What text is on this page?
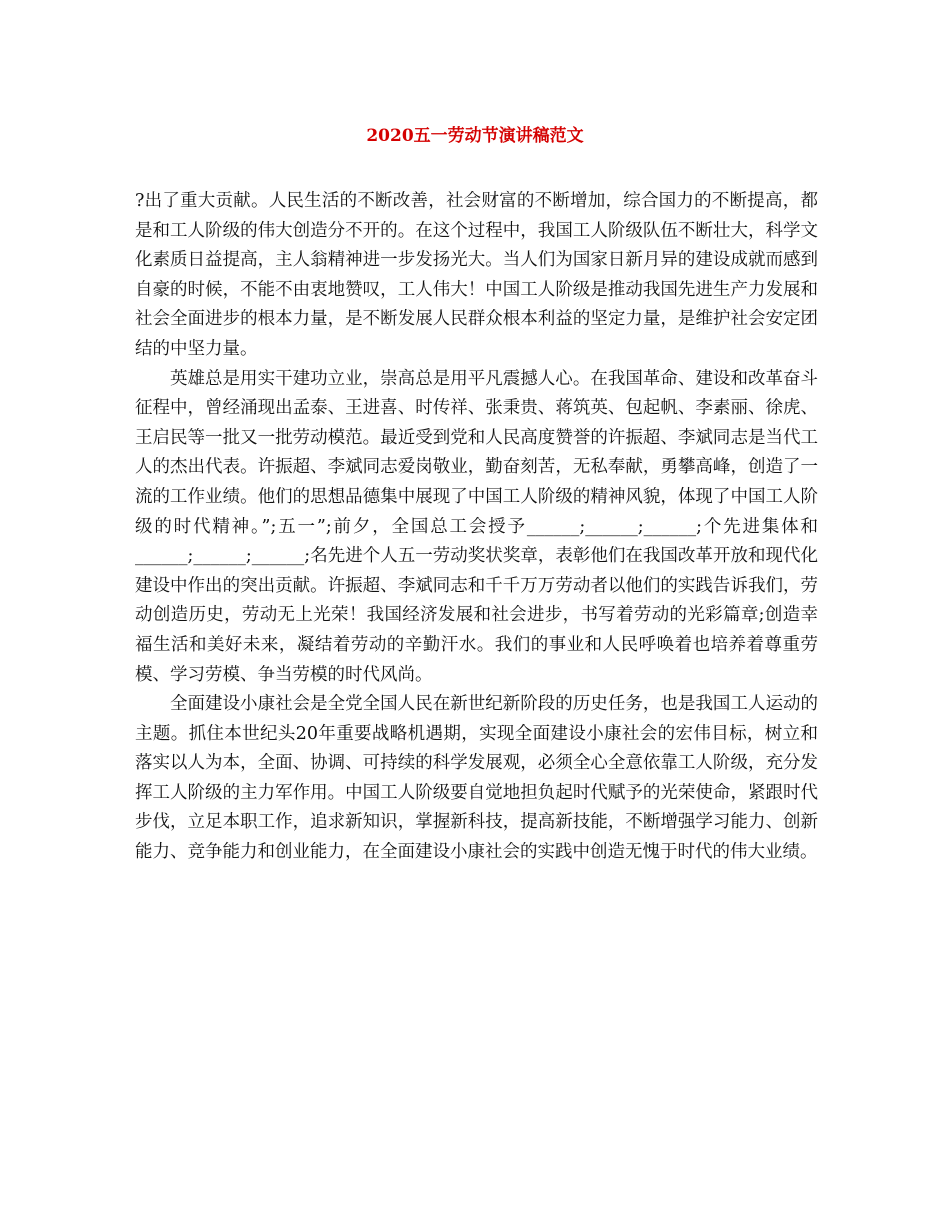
2020五一劳动节演讲稿范文

?出了重大贡献。人民生活的不断改善，社会财富的不断增加，综合国力的不断提高，都是和工人阶级的伟大创造分不开的。在这个过程中，我国工人阶级队伍不断壮大，科学文化素质日益提高，主人翁精神进一步发扬光大。当人们为国家日新月异的建设成就而感到自豪的时候，不能不由衷地赞叹，工人伟大！中国工人阶级是推动我国先进生产力发展和社会全面进步的根本力量，是不断发展人民群众根本利益的坚定力量，是维护社会安定团结的中坚力量。

英雄总是用实干建功立业，崇高总是用平凡震撼人心。在我国革命、建设和改革奋斗征程中，曾经涌现出孟泰、王进喜、时传祥、张秉贵、蒋筑英、包起帆、李素丽、徐虎、王启民等一批又一批劳动模范。最近受到党和人民高度赞誉的许振超、李斌同志是当代工人的杰出代表。许振超、李斌同志爱岗敬业，勤奋刻苦，无私奉献，勇攀高峰，创造了一流的工作业绩。他们的思想品德集中展现了中国工人阶级的精神风貌，体现了中国工人阶级的时代精神。”;五一”;前夕，全国总工会授予______;______;______;个先进集体和______;______;______;名先进个人五一劳动奖状奖章，表彰他们在我国改革开放和现代化建设中作出的突出贡献。许振超、李斌同志和千千万万劳动者以他们的实践告诉我们，劳动创造历史，劳动无上光荣！我国经济发展和社会进步，书写着劳动的光彩篇章;创造幸福生活和美好未来，凝结着劳动的辛勤汗水。我们的事业和人民呼唤着也培养着尊重劳模、学习劳模、争当劳模的时代风尚。

全面建设小康社会是全党全国人民在新世纪新阶段的历史任务，也是我国工人运动的主题。抓住本世纪头20年重要战略机遇期，实现全面建设小康社会的宏伟目标，树立和落实以人为本，全面、协调、可持续的科学发展观，必须全心全意依靠工人阶级，充分发挥工人阶级的主力军作用。中国工人阶级要自觉地担负起时代赋予的光荣使命，紧跟时代步伐，立足本职工作，追求新知识，掌握新科技，提高新技能，不断增强学习能力、创新能力、竞争能力和创业能力，在全面建设小康社会的实践中创造无愧于时代的伟大业绩。
